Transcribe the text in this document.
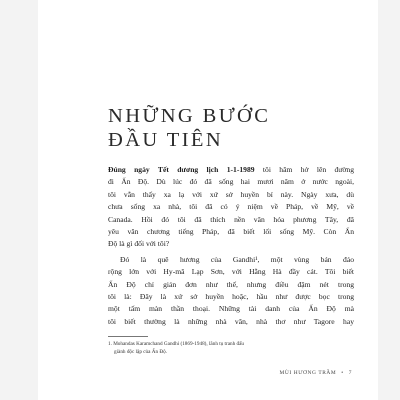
NHỮNG BƯỚC
ĐẦU TIÊN

Đúng ngày Tết dương lịch 1-1-1989 tôi hăm hở lên đường
đi Ấn Độ. Dù lúc đó đã sống hai mươi năm ở nước ngoài,
tôi vẫn thấy xa lạ với xứ sở huyền bí này. Ngày xưa, dù
chưa sống xa nhà, tôi đã có ý niệm về Pháp, về Mỹ, về
Canada. Hồi đó tôi đã thích nền văn hóa phương Tây, đã
yêu văn chương tiếng Pháp, đã biết lối sống Mỹ. Còn Ấn
Độ là gì đối với tôi?

Đó là quê hương của Gandhi¹, một vùng bán đảo
rộng lớn với Hy-mã Lạp Sơn, với Hằng Hà đầy cát. Tôi biết
Ấn Độ chỉ giản đơn như thế, nhưng điều đậm nét trong
tôi là: Đây là xứ sở huyền hoặc, hầu như được bọc trong
một tấm màn thần thoại. Những tài danh của Ấn Độ mà
tôi biết thường là những nhà văn, nhà thơ như Tagore hay

1. Mohandas Karamchand Gandhi (1869-1948), lãnh tụ tranh đấu
giành độc lập của Ấn Độ.
MÙI HƯƠNG TRẦM • 7
